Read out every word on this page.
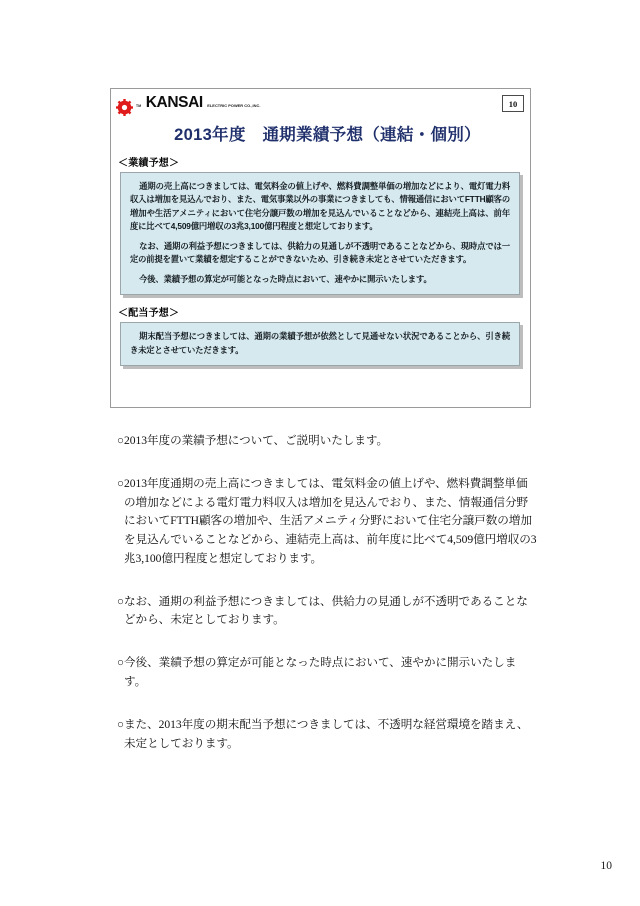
TM KANSAI ELECTRIC POWER CO.,INC.	10
2013年度　通期業績予想（連結・個別）
＜業績予想＞

通期の売上高につきましては、電気料金の値上げや、燃料費調整単価の増加などにより、電灯電力料収入は増加を見込んでおり、また、電気事業以外の事業につきましても、情報通信においてFTTH顧客の増加や生活アメニティにおいて住宅分譲戸数の増加を見込んでいることなどから、連結売上高は、前年度に比べて4,509億円増収の3兆3,100億円程度と想定しております。

なお、通期の利益予想につきましては、供給力の見通しが不透明であることなどから、現時点では一定の前提を置いて業績を想定することができないため、引き続き未定とさせていただきます。

今後、業績予想の算定が可能となった時点において、速やかに開示いたします。

＜配当予想＞

期末配当予想につきましては、通期の業績予想が依然として見通せない状況であることから、引き続き未定とさせていただきます。

○ 2013年度の業績予想について、ご説明いたします。
○ 2013年度通期の売上高につきましては、電気料金の値上げや、燃料費調整単価の増加などによる電灯電力料収入は増加を見込んでおり、また、情報通信分野においてFTTH顧客の増加や、生活アメニティ分野において住宅分譲戸数の増加を見込んでいることなどから、連結売上高は、前年度に比べて4,509億円増収の3兆3,100億円程度と想定しております。
○ なお、通期の利益予想につきましては、供給力の見通しが不透明であることなどから、未定としております。
○ 今後、業績予想の算定が可能となった時点において、速やかに開示いたします。
○ また、2013年度の期末配当予想につきましては、不透明な経営環境を踏まえ、未定としております。
10
